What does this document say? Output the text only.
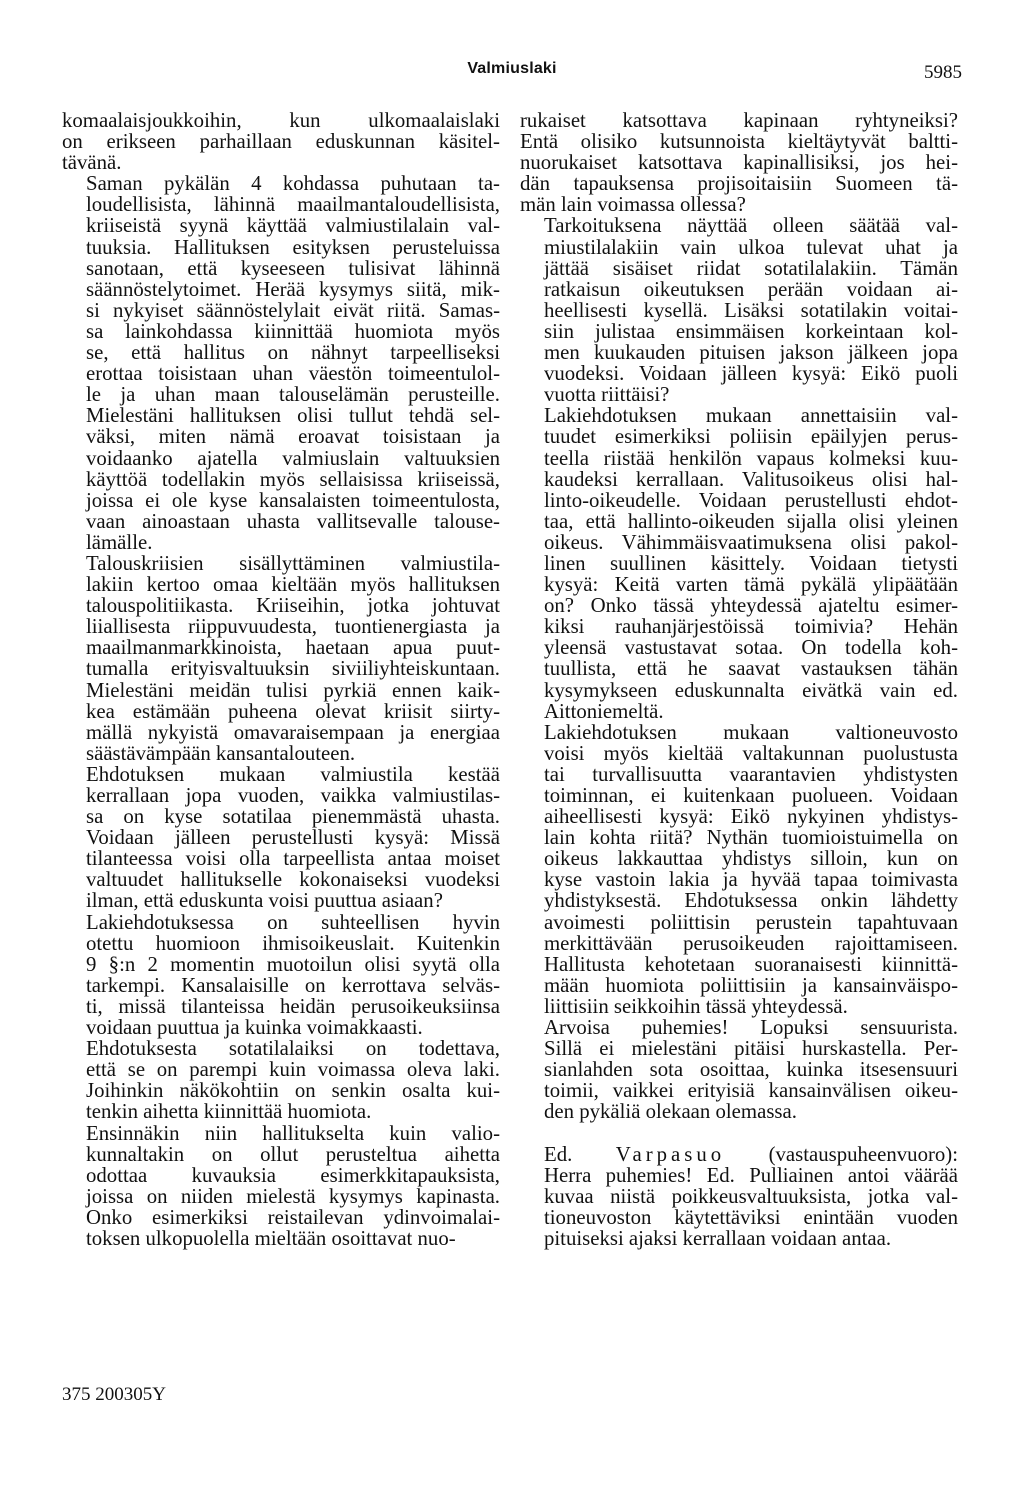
Valmiuslaki	5985
komaalaisjoukkoihin, kun ulkomaalaislaki
on erikseen parhaillaan eduskunnan käsitel-
tävänä.
Saman pykälän 4 kohdassa puhutaan ta-
loudellisista, lähinnä maailmantaloudellisista,
kriiseistä syynä käyttää valmiustilalain val-
tuuksia. Hallituksen esityksen perusteluissa
sanotaan, että kyseeseen tulisivat lähinnä
säännöstelytoimet. Herää kysymys siitä, mik-
si nykyiset säännöstelylait eivät riitä. Samas-
sa lainkohdassa kiinnittää huomiota myös
se, että hallitus on nähnyt tarpeelliseksi
erottaa toisistaan uhan väestön toimeentulol-
le ja uhan maan talouselämän perusteille.
Mielestäni hallituksen olisi tullut tehdä sel-
väksi, miten nämä eroavat toisistaan ja
voidaanko ajatella valmiuslain valtuuksien
käyttöä todellakin myös sellaisissa kriiseissä,
joissa ei ole kyse kansalaisten toimeentulosta,
vaan ainoastaan uhasta vallitsevalle talouse-
lämälle.
Talouskriisien sisällyttäminen valmiustila-
lakiin kertoo omaa kieltään myös hallituksen
talouspolitiikasta. Kriiseihin, jotka johtuvat
liiallisesta riippuvuudesta, tuontienergiasta ja
maailmanmarkkinoista, haetaan apua puut-
tumalla erityisvaltuuksin siviiliyhteiskuntaan.
Mielestäni meidän tulisi pyrkiä ennen kaik-
kea estämään puheena olevat kriisit siirty-
mällä nykyistä omavaraisempaan ja energiaa
säästävämpään kansantalouteen.
Ehdotuksen mukaan valmiustila kestää
kerrallaan jopa vuoden, vaikka valmiustilas-
sa on kyse sotatilaa pienemmästä uhasta.
Voidaan jälleen perustellusti kysyä: Missä
tilanteessa voisi olla tarpeellista antaa moiset
valtuudet hallitukselle kokonaiseksi vuodeksi
ilman, että eduskunta voisi puuttua asiaan?
Lakiehdotuksessa on suhteellisen hyvin
otettu huomioon ihmisoikeuslait. Kuitenkin
9 §:n 2 momentin muotoilun olisi syytä olla
tarkempi. Kansalaisille on kerrottava selväs-
ti, missä tilanteissa heidän perusoikeuksiinsa
voidaan puuttua ja kuinka voimakkaasti.
Ehdotuksesta sotatilalaiksi on todettava,
että se on parempi kuin voimassa oleva laki.
Joihinkin näkökohtiin on senkin osalta kui-
tenkin aihetta kiinnittää huomiota.
Ensinnäkin niin hallitukselta kuin valio-
kunnaltakin on ollut perusteltua aihetta
odottaa kuvauksia esimerkkitapauksista,
joissa on niiden mielestä kysymys kapinasta.
Onko esimerkiksi reistailevan ydinvoimalai-
toksen ulkopuolella mieltään osoittavat nuo-
rukaiset katsottava kapinaan ryhtyneiksi?
Entä olisiko kutsunnoista kieltäytyvät baltti-
nuorukaiset katsottava kapinallisiksi, jos hei-
dän tapauksensa projisoitaisiin Suomeen tä-
män lain voimassa ollessa?
Tarkoituksena näyttää olleen säätää val-
miustilalakiin vain ulkoa tulevat uhat ja
jättää sisäiset riidat sotatilalakiin. Tämän
ratkaisun oikeutuksen perään voidaan ai-
heellisesti kysellä. Lisäksi sotatilakin voitai-
siin julistaa ensimmäisen korkeintaan kol-
men kuukauden pituisen jakson jälkeen jopa
vuodeksi. Voidaan jälleen kysyä: Eikö puoli
vuotta riittäisi?
Lakiehdotuksen mukaan annettaisiin val-
tuudet esimerkiksi poliisin epäilyjen perus-
teella riistää henkilön vapaus kolmeksi kuu-
kaudeksi kerrallaan. Valitusoikeus olisi hal-
linto-oikeudelle. Voidaan perustellusti ehdot-
taa, että hallinto-oikeuden sijalla olisi yleinen
oikeus. Vähimmäisvaatimuksena olisi pakol-
linen suullinen käsittely. Voidaan tietysti
kysyä: Keitä varten tämä pykälä ylipäätään
on? Onko tässä yhteydessä ajateltu esimer-
kiksi rauhanjärjestöissä toimivia? Hehän
yleensä vastustavat sotaa. On todella koh-
tuullista, että he saavat vastauksen tähän
kysymykseen eduskunnalta eivätkä vain ed.
Aittoniemeltä.
Lakiehdotuksen mukaan valtioneuvosto
voisi myös kieltää valtakunnan puolustusta
tai turvallisuutta vaarantavien yhdistysten
toiminnan, ei kuitenkaan puolueen. Voidaan
aiheellisesti kysyä: Eikö nykyinen yhdistys-
lain kohta riitä? Nythän tuomioistuimella on
oikeus lakkauttaa yhdistys silloin, kun on
kyse vastoin lakia ja hyvää tapaa toimivasta
yhdistyksestä. Ehdotuksessa onkin lähdetty
avoimesti poliittisin perustein tapahtuvaan
merkittävään perusoikeuden rajoittamiseen.
Hallitusta kehotetaan suoranaisesti kiinnittä-
mään huomiota poliittisiin ja kansainväispo-
liittisiin seikkoihin tässä yhteydessä.
Arvoisa puhemies! Lopuksi sensuurista.
Sillä ei mielestäni pitäisi hurskastella. Per-
sianlahden sota osoittaa, kuinka itsesensuuri
toimii, vaikkei erityisiä kansainvälisen oikeu-
den pykäliä olekaan olemassa.
Ed. Varpasuo (vastauspuheenvuoro):
Herra puhemies! Ed. Pulliainen antoi väärää
kuvaa niistä poikkeusvaltuuksista, jotka val-
tioneuvoston käytettäviksi enintään vuoden
pituiseksi ajaksi kerrallaan voidaan antaa.
375 200305Y
